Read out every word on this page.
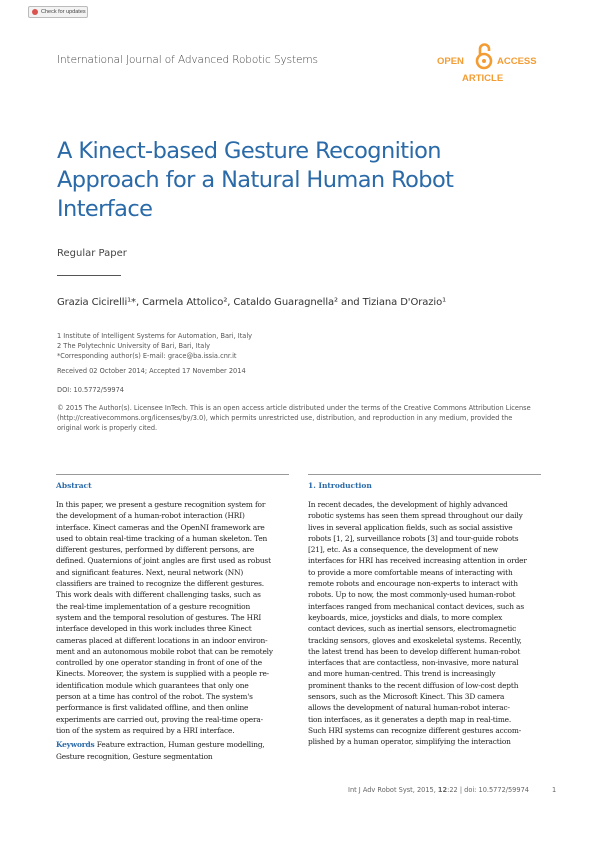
Check for updates
International Journal of Advanced Robotic Systems	OPEN	ACCESS
ARTICLE
A Kinect-based Gesture Recognition
Approach for a Natural Human Robot
Interface
Regular Paper
Grazia Cicirelli¹*, Carmela Attolico², Cataldo Guaragnella² and Tiziana D'Orazio¹
1 Institute of Intelligent Systems for Automation, Bari, Italy
2 The Polytechnic University of Bari, Bari, Italy
*Corresponding author(s) E-mail: grace@ba.issia.cnr.it
Received 02 October 2014; Accepted 17 November 2014
DOI: 10.5772/59974
© 2015 The Author(s). Licensee InTech. This is an open access article distributed under the terms of the Creative Commons Attribution License
(http://creativecommons.org/licenses/by/3.0), which permits unrestricted use, distribution, and reproduction in any medium, provided the
original work is properly cited.
Abstract
In this paper, we present a gesture recognition system for
the development of a human-robot interaction (HRI)
interface. Kinect cameras and the OpenNI framework are
used to obtain real-time tracking of a human skeleton. Ten
different gestures, performed by different persons, are
defined. Quaternions of joint angles are first used as robust
and significant features. Next, neural network (NN)
classifiers are trained to recognize the different gestures.
This work deals with different challenging tasks, such as
the real-time implementation of a gesture recognition
system and the temporal resolution of gestures. The HRI
interface developed in this work includes three Kinect
cameras placed at different locations in an indoor environ-
ment and an autonomous mobile robot that can be remotely
controlled by one operator standing in front of one of the
Kinects. Moreover, the system is supplied with a people re-
identification module which guarantees that only one
person at a time has control of the robot. The system's
performance is first validated offline, and then online
experiments are carried out, proving the real-time opera-
tion of the system as required by a HRI interface.
Keywords Feature extraction, Human gesture modelling,
Gesture recognition, Gesture segmentation
1. Introduction
In recent decades, the development of highly advanced
robotic systems has seen them spread throughout our daily
lives in several application fields, such as social assistive
robots [1, 2], surveillance robots [3] and tour-guide robots
[21], etc. As a consequence, the development of new
interfaces for HRI has received increasing attention in order
to provide a more comfortable means of interacting with
remote robots and encourage non-experts to interact with
robots. Up to now, the most commonly-used human-robot
interfaces ranged from mechanical contact devices, such as
keyboards, mice, joysticks and dials, to more complex
contact devices, such as inertial sensors, electromagnetic
tracking sensors, gloves and exoskeletal systems. Recently,
the latest trend has been to develop different human-robot
interfaces that are contactless, non-invasive, more natural
and more human-centred. This trend is increasingly
prominent thanks to the recent diffusion of low-cost depth
sensors, such as the Microsoft Kinect. This 3D camera
allows the development of natural human-robot interac-
tion interfaces, as it generates a depth map in real-time.
Such HRI systems can recognize different gestures accom-
plished by a human operator, simplifying the interaction
Int J Adv Robot Syst, 2015, 12:22 | doi: 10.5772/59974	1
